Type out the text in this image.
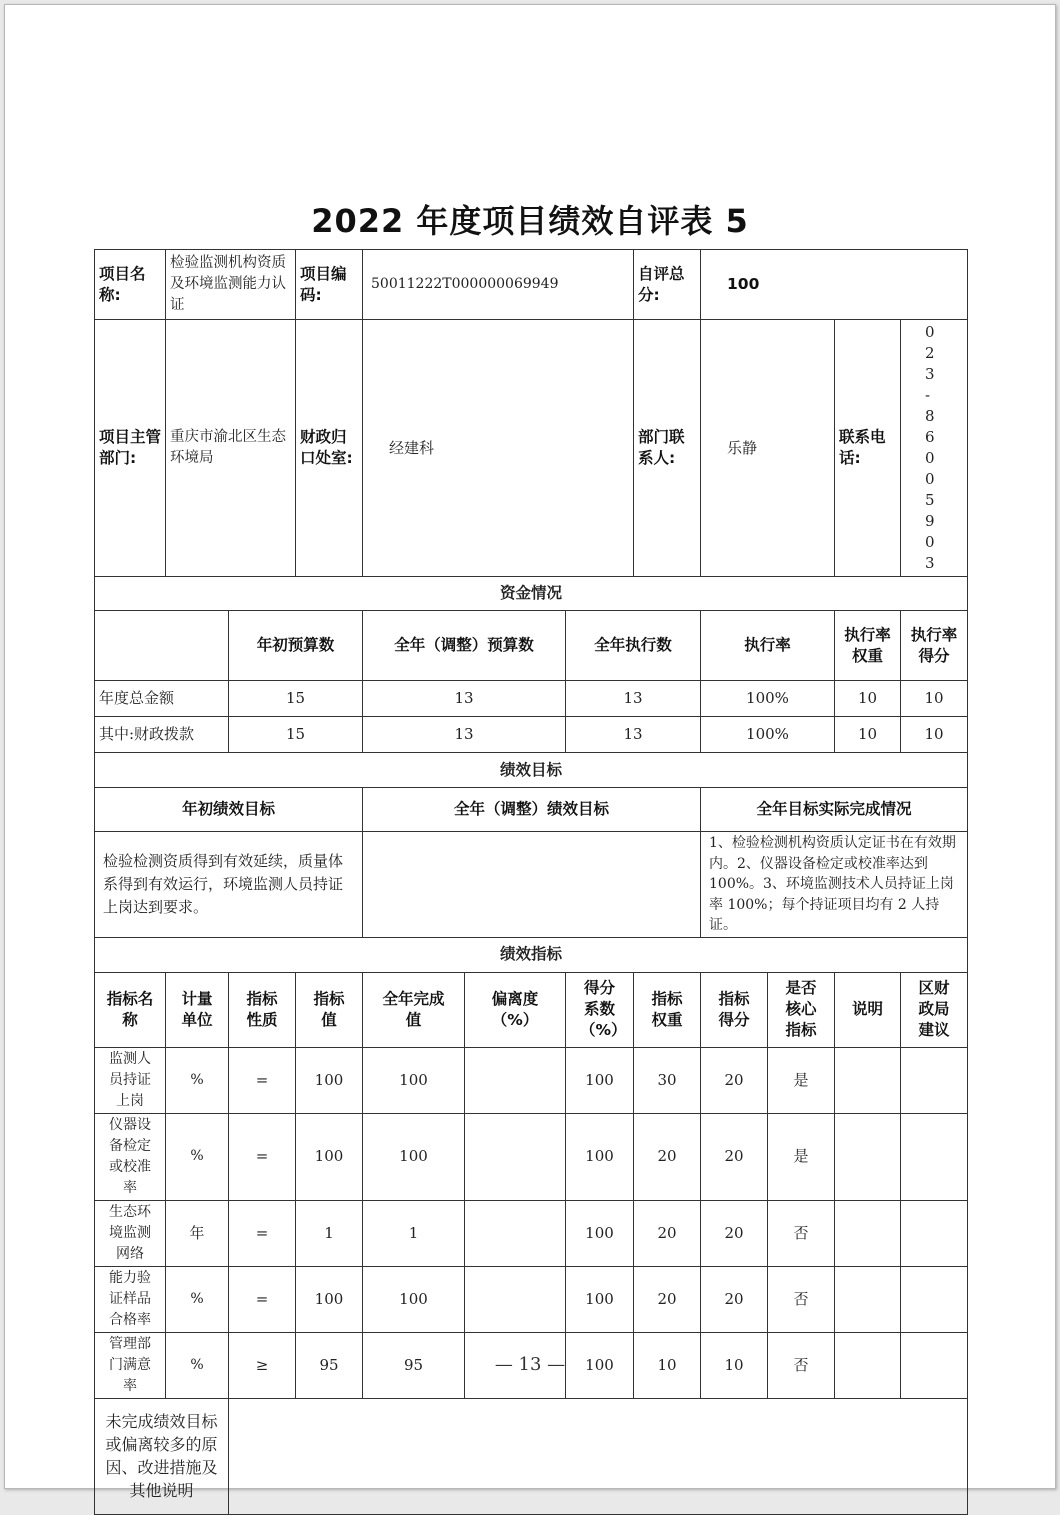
2022 年度项目绩效自评表 5
项目名称:	检验监测机构资质及环境监测能力认证		项目编码:	50011222T000000069949			自评总分:	100			
项目主管部门:	重庆市渝北区生态环境局		财政归口处室:	经建科			部门联系人:	乐静		联系电话:	023-86005903
资金情况											
		年初预算数		全年（调整）预算数		全年执行数		执行率		执行率权重	执行率得分
年度总金额		15		13		13		100%		10	10
其中:财政拨款		15		13		13		100%		10	10
绩效目标											
年初绩效目标				全年（调整）绩效目标				全年目标实际完成情况			
检验检测资质得到有效延续，质量体系得到有效运行，环境监测人员持证上岗达到要求。								1、检验检测机构资质认定证书在有效期内。2、仪器设备检定或校准率达到 100%。3、环境监测技术人员持证上岗率 100%；每个持证项目均有 2 人持证。			
绩效指标											
指标名称	计量单位	指标性质	指标值	全年完成值	偏离度（%）	得分系数（%）	指标权重	指标得分	是否核心指标	说明	区财政局建议
监测人员持证上岗	%	=	100	100		100	30	20	是		
仪器设备检定或校准率	%	=	100	100		100	20	20	是		
生态环境监测网络	年	=	1	1		100	20	20	否		
能力验证样品合格率	%	=	100	100		100	20	20	否		
管理部门满意率	%	≥	95	95		100	10	10	否		
未完成绩效目标或偏离较多的原因、改进措施及其他说明											
— 13 —
